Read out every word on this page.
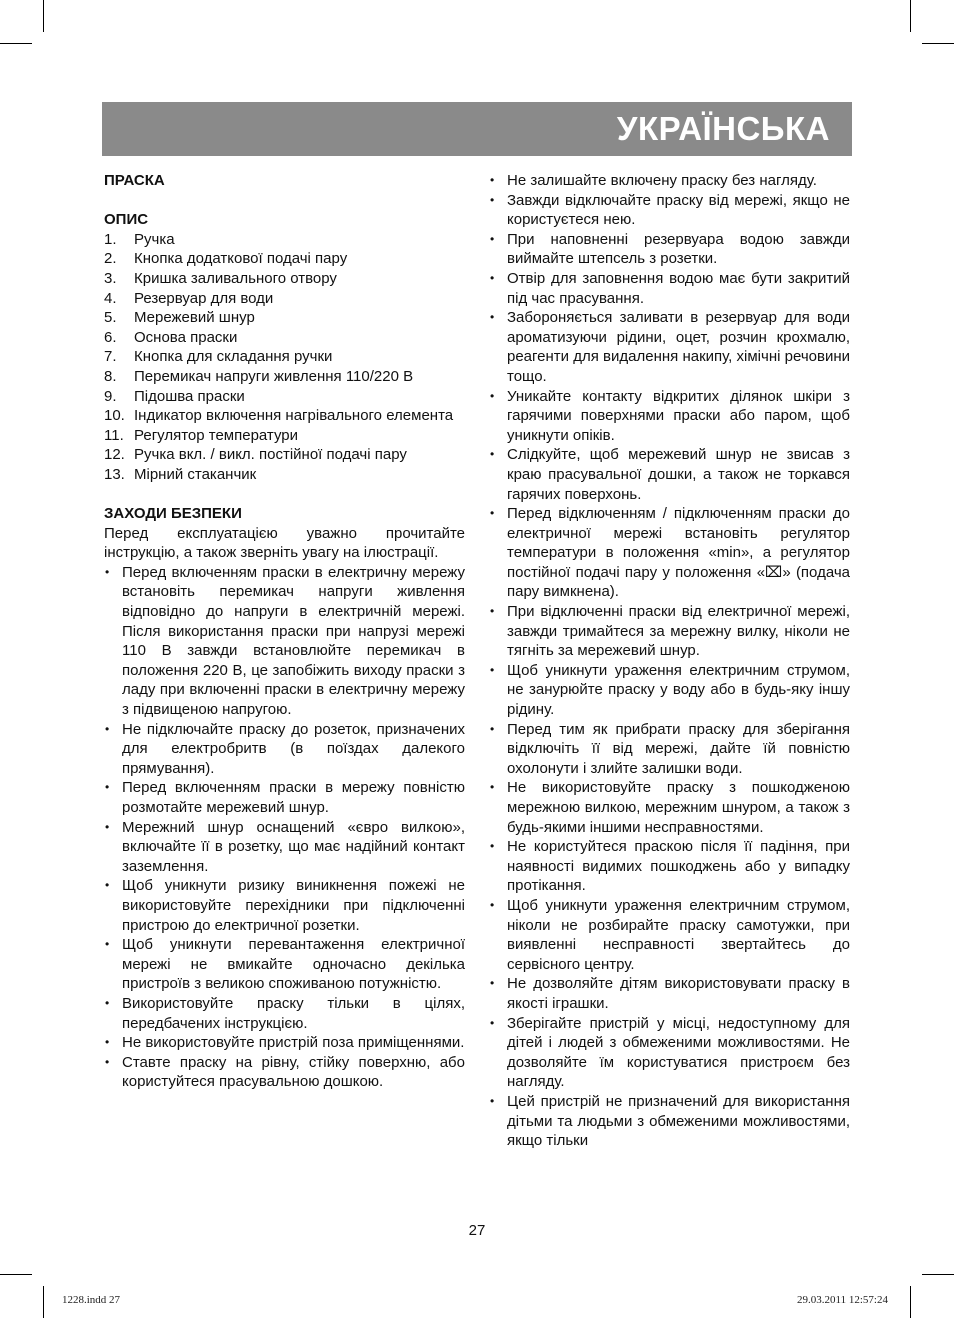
УКРАЇНСЬКА

ПРАСКА

ОПИС

1.	Ручка
2.	Кнопка додаткової подачі пару
3.	Кришка заливального отвору
4.	Резервуар для води
5.	Мережевий шнур
6.	Основа праски
7.	Кнопка для складання ручки
8.	Перемикач напруги живлення 110/220 В
9.	Підошва праски
10. Індикатор включення нагрівального елемента
11. Регулятор температури
12. Ручка вкл. / викл. постійної подачі пару
13. Мірний стаканчик

ЗАХОДИ БЕЗПЕКИ

Перед експлуатацією уважно прочитайте інструкцію, а також зверніть увагу на ілюстрації.

• Перед включенням праски в електричну мережу встановіть перемикач напруги живлення відповідно до напруги в електричній мережі. Після використання праски при напрузі мережі 110 В завжди встановлюйте перемикач в положення 220 В, це запобіжить виходу праски з ладу при включенні праски в електричну мережу з підвищеною напругою.
• Не підключайте праску до розеток, призначених для електробритв (в поїздах далекого прямування).
• Перед включенням праски в мережу повністю розмотайте мережевий шнур.
• Мережний шнур оснащений «євро вилкою», включайте її в розетку, що має надійний контакт заземлення.
• Щоб уникнути ризику виникнення пожежі не використовуйте перехідники при підключенні пристрою до електричної розетки.
• Щоб уникнути перевантаження електричної мережі не вмикайте одночасно декілька пристроїв з великою споживаною потужністю.
• Використовуйте праску тільки в цілях, передбачених інструкцією.
• Не використовуйте пристрій поза приміщеннями.
• Ставте праску на рівну, стійку поверхню, або користуйтеся прасувальною дошкою.
• Не залишайте включену праску без нагляду.
• Завжди відключайте праску від мережі, якщо не користуєтеся нею.
• При наповненні резервуара водою завжди виймайте штепсель з розетки.
• Отвір для заповнення водою має бути закритий під час прасування.
• Забороняється заливати в резервуар для води ароматизуючи рідини, оцет, розчин крохмалю, реагенти для видалення накипу, хімічні речовини тощо.
• Уникайте контакту відкритих ділянок шкіри з гарячими поверхнями праски або паром, щоб уникнути опіків.
• Слідкуйте, щоб мережевий шнур не звисав з краю прасувальної дошки, а також не торкався гарячих поверхонь.
• Перед відключенням / підключенням праски до електричної мережі встановіть регулятор температури в положення «min», а регулятор постійної подачі пару у положення «⌧» (подача пару вимкнена).
• При відключенні праски від електричної мережі, завжди тримайтеся за мережну вилку, ніколи не тягніть за мережевий шнур.
• Щоб уникнути ураження електричним струмом, не занурюйте праску у воду або в будь-яку іншу рідину.
• Перед тим як прибрати праску для зберігання відключіть її від мережі, дайте їй повністю охолонути і злийте залишки води.
• Не використовуйте праску з пошкодженою мережною вилкою, мережним шнуром, а також з будь-якими іншими несправностями.
• Не користуйтеся праскою після її падіння, при наявності видимих пошкоджень або у випадку протікання.
• Щоб уникнути ураження електричним струмом, ніколи не розбирайте праску самотужки, при виявленні несправності звертайтесь до сервісного центру.
• Не дозволяйте дітям використовувати праску в якості іграшки.
• Зберігайте пристрій у місці, недоступному для дітей і людей з обмеженими можливостями. Не дозволяйте їм користуватися пристроєм без нагляду.
• Цей пристрій не призначений для використання дітьми та людьми з обмеженими можливостями, якщо тільки
27
1228.indd 27	29.03.2011 12:57:24
